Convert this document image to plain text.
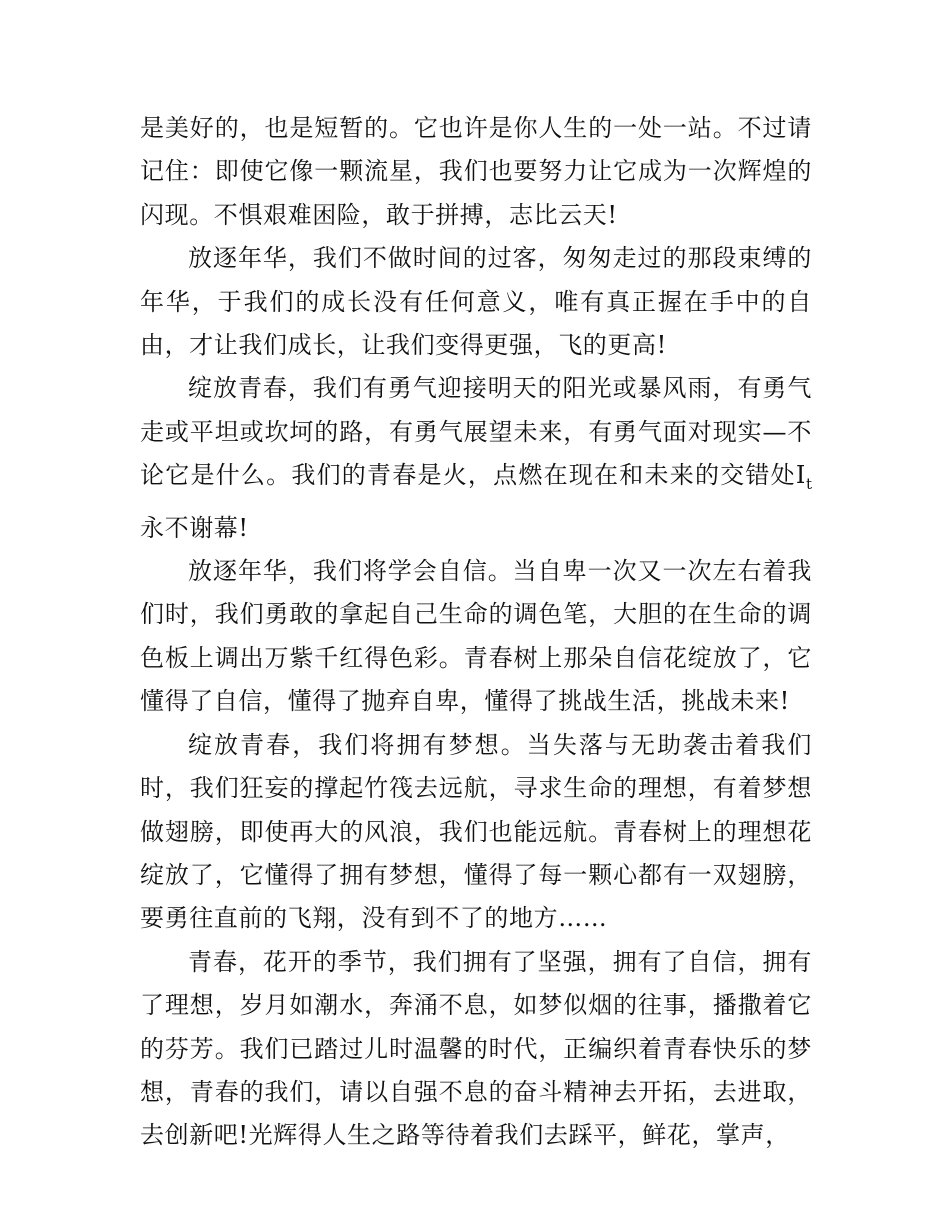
是美好的，也是短暂的。它也许是你人生的一处一站。不过请记住：即使它像一颗流星，我们也要努力让它成为一次辉煌的闪现。不惧艰难困险，敢于拼搏，志比云天!

放逐年华，我们不做时间的过客，匆匆走过的那段束缚的年华，于我们的成长没有任何意义，唯有真正握在手中的自由，才让我们成长，让我们变得更强，飞的更高!

绽放青春，我们有勇气迎接明天的阳光或暴风雨，有勇气走或平坦或坎坷的路，有勇气展望未来，有勇气面对现实—不论它是什么。我们的青春是火，点燃在现在和未来的交错处$I_t$ 永不谢幕!

放逐年华，我们将学会自信。当自卑一次又一次左右着我们时，我们勇敢的拿起自己生命的调色笔，大胆的在生命的调色板上调出万紫千红得色彩。青春树上那朵自信花绽放了，它懂得了自信，懂得了抛弃自卑，懂得了挑战生活，挑战未来!

绽放青春，我们将拥有梦想。当失落与无助袭击着我们时，我们狂妄的撑起竹筏去远航，寻求生命的理想，有着梦想做翅膀，即使再大的风浪，我们也能远航。青春树上的理想花绽放了，它懂得了拥有梦想，懂得了每一颗心都有一双翅膀，要勇往直前的飞翔，没有到不了的地方……

青春，花开的季节，我们拥有了坚强，拥有了自信，拥有了理想，岁月如潮水，奔涌不息，如梦似烟的往事，播撒着它的芬芳。我们已踏过儿时温馨的时代，正编织着青春快乐的梦想，青春的我们，请以自强不息的奋斗精神去开拓，去进取，去创新吧!光辉得人生之路等待着我们去踩平，鲜花，掌声，
